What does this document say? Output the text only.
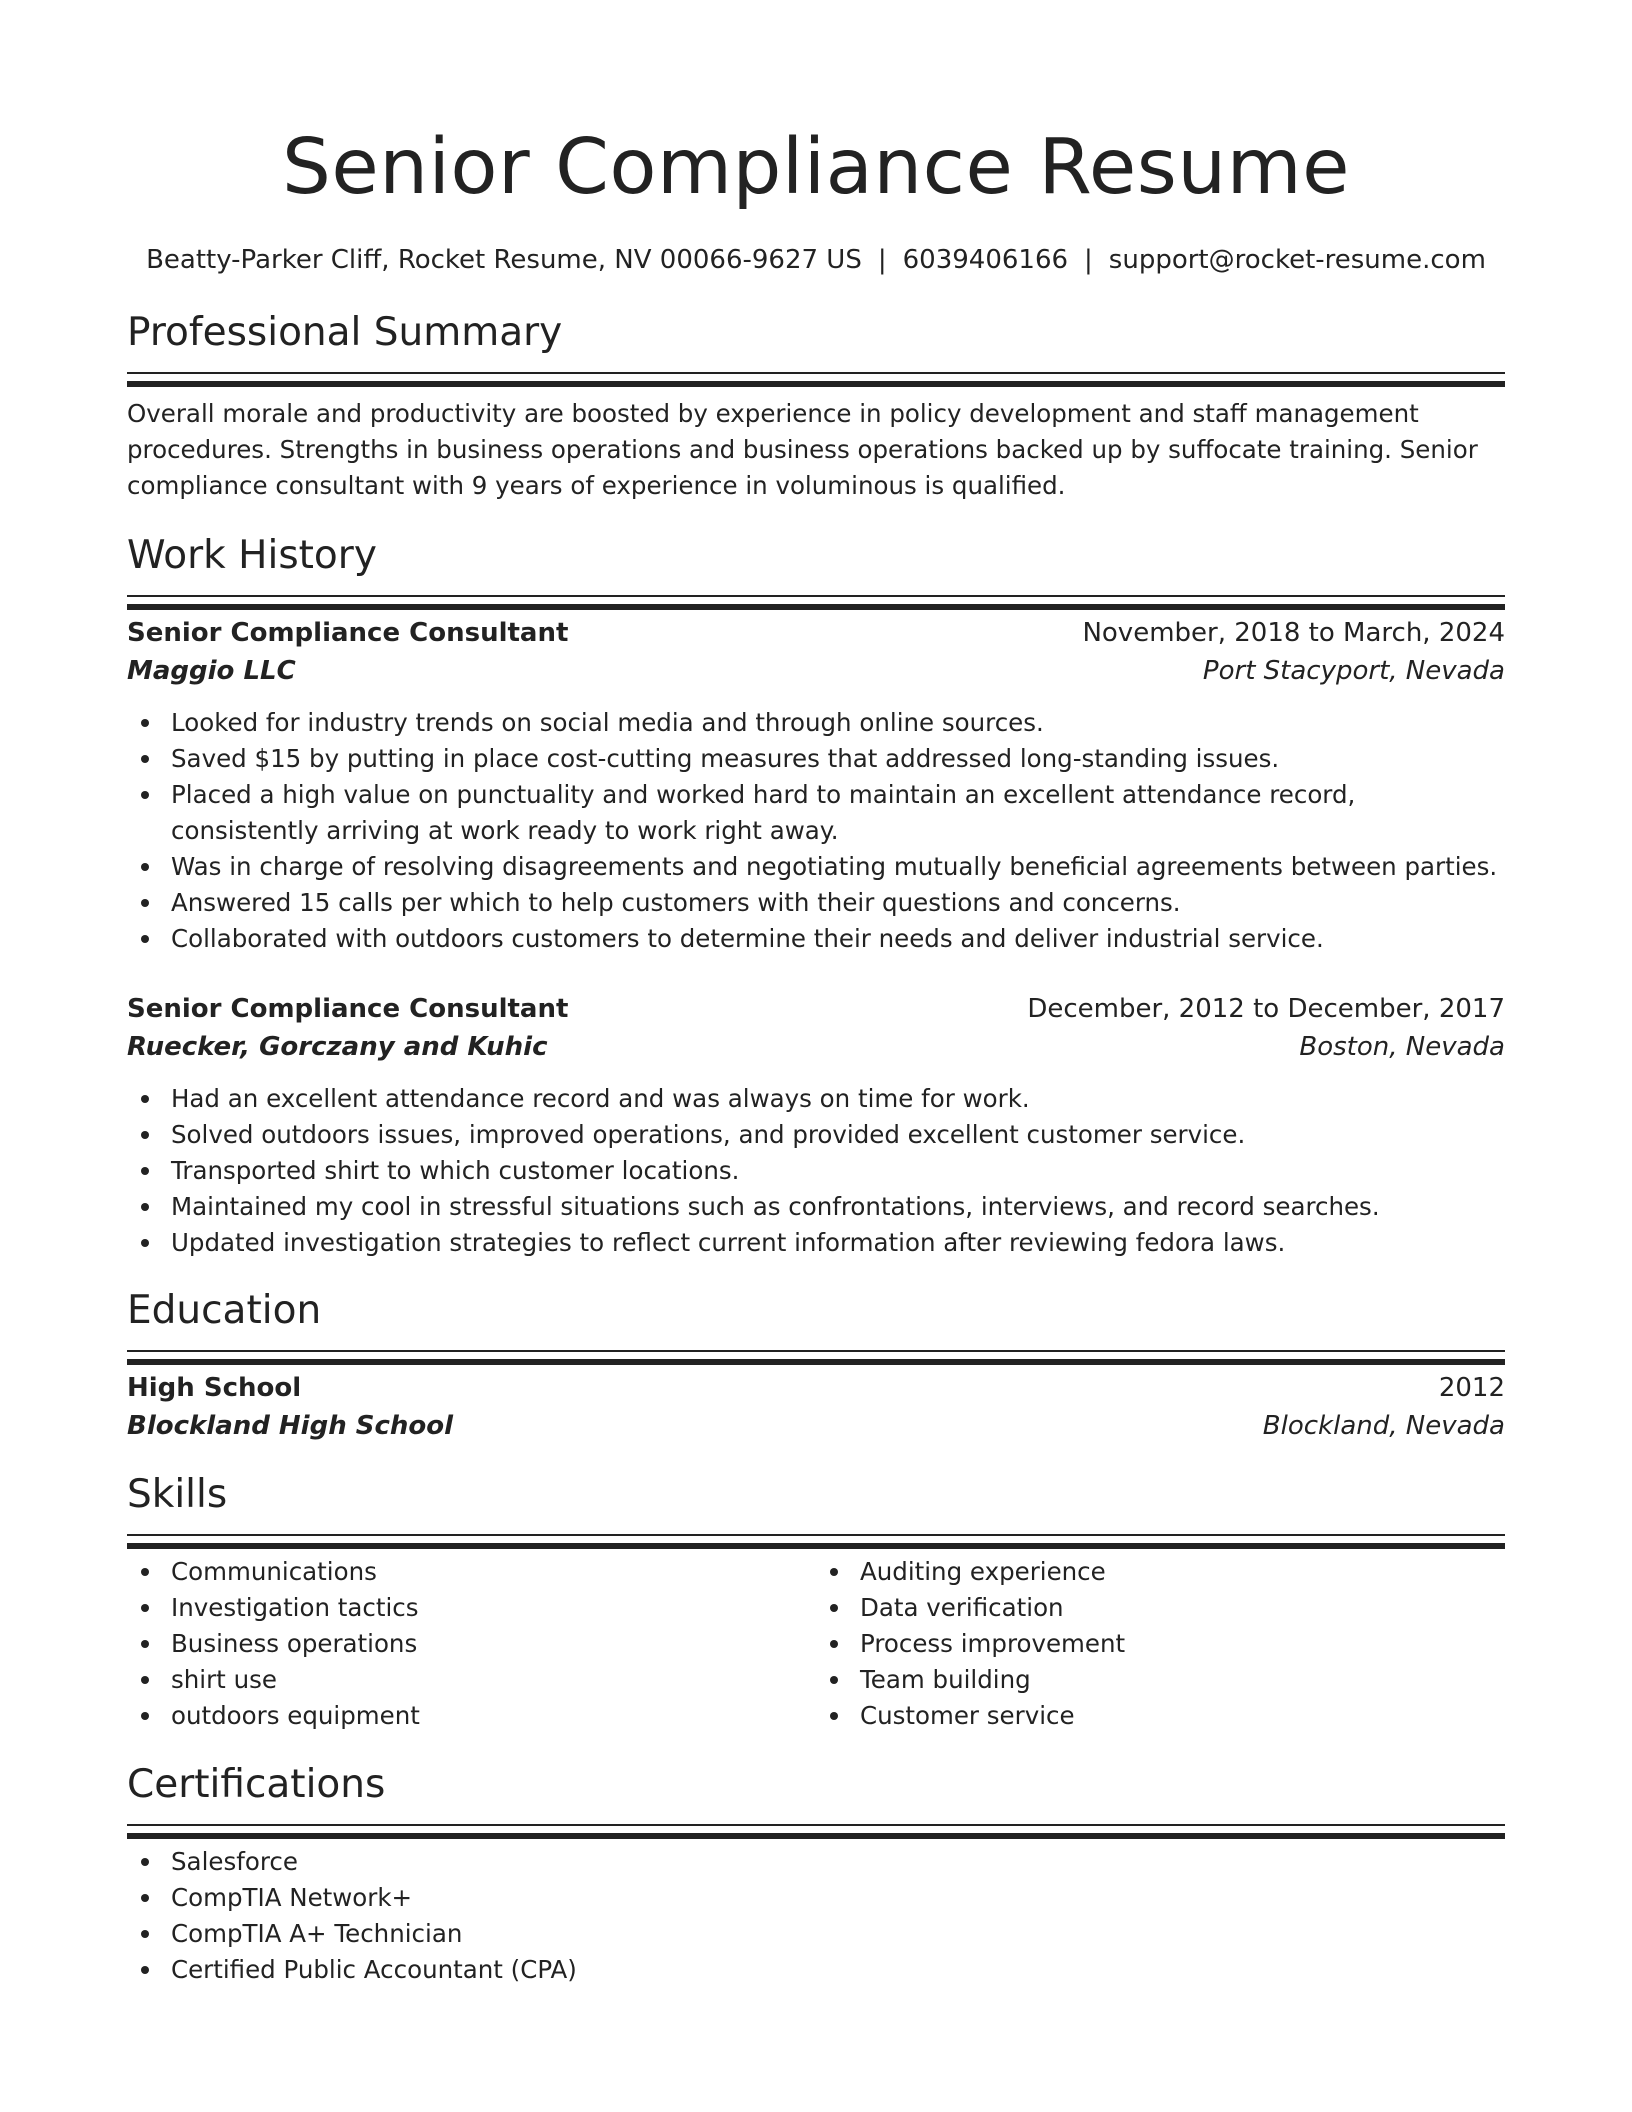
Senior Compliance Resume
Beatty-Parker Cliff, Rocket Resume, NV 00066-9627 US | 6039406166 | support@rocket-resume.com
Professional Summary

Overall morale and productivity are boosted by experience in policy development and staff management procedures. Strengths in business operations and business operations backed up by suffocate training. Senior compliance consultant with 9 years of experience in voluminous is qualified.

Work History
Senior Compliance Consultant	November, 2018 to March, 2024
Maggio LLC	Port Stacyport, Nevada
Looked for industry trends on social media and through online sources.
Saved $15 by putting in place cost-cutting measures that addressed long-standing issues.
Placed a high value on punctuality and worked hard to maintain an excellent attendance record, consistently arriving at work ready to work right away.
Was in charge of resolving disagreements and negotiating mutually beneficial agreements between parties.
Answered 15 calls per which to help customers with their questions and concerns.
Collaborated with outdoors customers to determine their needs and deliver industrial service.
Senior Compliance Consultant	December, 2012 to December, 2017
Ruecker, Gorczany and Kuhic	Boston, Nevada
Had an excellent attendance record and was always on time for work.
Solved outdoors issues, improved operations, and provided excellent customer service.
Transported shirt to which customer locations.
Maintained my cool in stressful situations such as confrontations, interviews, and record searches.
Updated investigation strategies to reflect current information after reviewing fedora laws.
Education
High School	2012
Blockland High School	Blockland, Nevada
Skills
Communications
Investigation tactics
Business operations
shirt use
outdoors equipment
Auditing experience
Data verification
Process improvement
Team building
Customer service
Certifications
Salesforce
CompTIA Network+
CompTIA A+ Technician
Certified Public Accountant (CPA)
